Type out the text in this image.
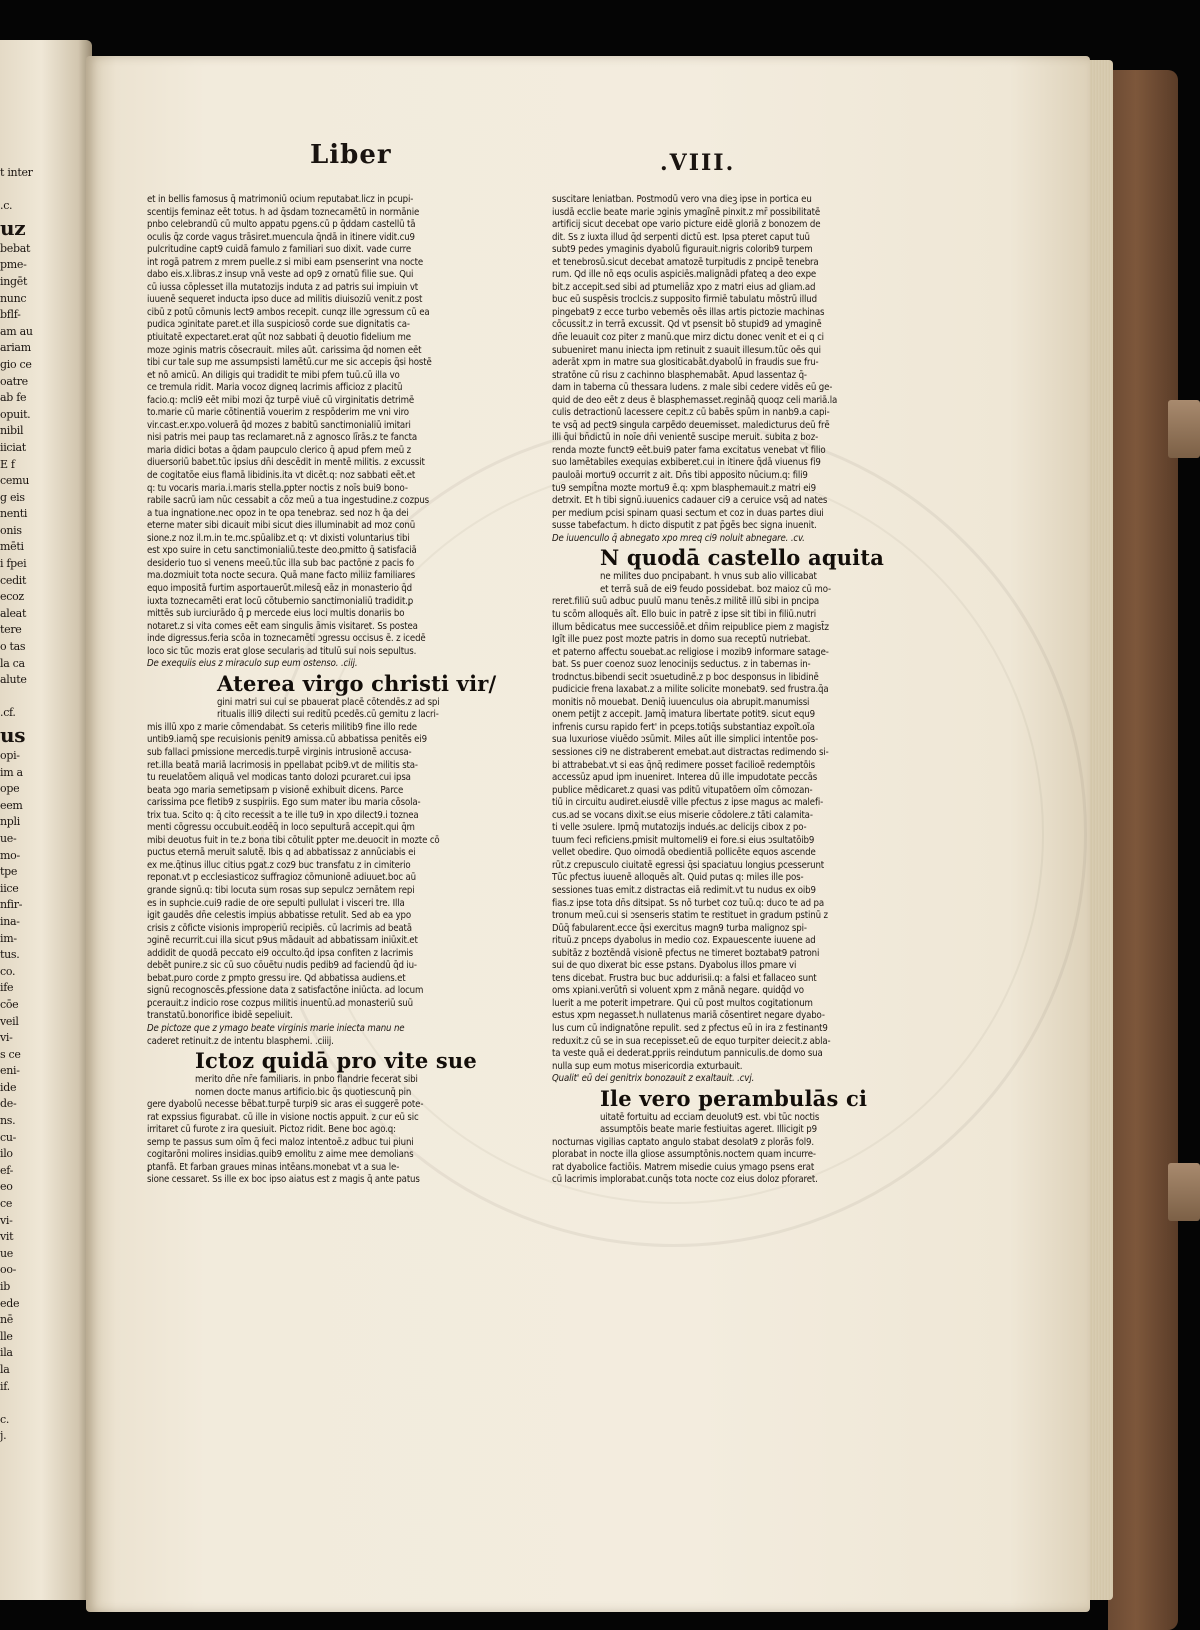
t inter

.c.
uz
bebat
pme-
ingēt
nunc
bflf-
am au
ariam
gio ce
oatre
ab fe
opuit.
nibil
iiciat
E f
cemu
g eis
nenti
onis
mēti
i fpei
cedit
ecoz
aleat
tere
o tas
la ca
alute

.cf.
us
opi-
im a
ope
eem
npli
ue-
mo-
tpe
iice
nfir-
ina-
im-
tus.
co.
ife
cōe
veil
vi-
s ce
eni-
ide
de-
ns.
cu-
ilo
ef-
eo
ce
vi-
vit
ue
oo-
ib
ede
nē
lle
ila
la
if.

c.
j.
Liber	.VIII.
et in bellis famosus q̄ matrimoniū ocium reputabat.licz in pcupi-
scentijs feminaz eēt totus. h ad q̄sdam toznecamētū in normānie
pnbo celebrandū cū multo appatu pgens.cū p q̄ddam castellū tā
oculis q̄z corde vagus trāsiret.muencula q̄ndā in itinere vidit.cu9
pulcritudine capt9 cuidā famulo z familiari suo dixit. vade curre
int rogā patrem z mrem puelle.z si mibi eam psenserint vna nocte
dabo eis.x.libras.z insup vnā veste ad op9 z ornatū filie sue. Qui
cū iussa cōplesset illa mutatozijs induta z ad patris sui impiuin vt
iuuenē sequeret inducta ipso duce ad militis diuisoziū venit.z post
cibū z potū cōmunis lect9 ambos recepit. cunqz ille ɔgressum cū ea
pudica ɔginitate paret.et illa suspiciosō corde sue dignitatis ca-
ptiuitatē expectaret.erat qūt noz sabbati q̄ deuotio fidelium me
moze ɔginis matris cōsecrauit. miles aūt. carissima q̄d nomen eēt
tibi cur tale sup me assumpsisti lamētū.cur me sic accepis q̄si hostē
et nō amicū. An diligis qui tradidit te mibi pfem tuū.cū illa vo
ce tremula ridit. Maria vocoz digneq lacrimis afficioz z placitū
facio.q: mcli9 eēt mibi mozi q̄z turpē viuē cū virginitatis detrimē
to.marie cū marie cōtinentiā vouerim z respōderim me vni viro
vir.cast.er.xpo.voluerā q̄d mozes z babitū sanctimonialiū imitari
nisi patris mei paup tas reclamaret.nā z agnosco līrās.z te fancta
maria didici botas a q̄dam paupculo clerico q̄ apud pfem meū z
diuersoriū babet.tūc ipsius dn̄i descēdit in mentē militis. z excussit
de cogitatōe eius flamā libidinis.ita vt dicēt.q: noz sabbati eēt.et
q: tu vocaris maria.i.maris stella.ꝑpter noctis z noīs bui9 bono-
rabile sacrū iam nūc cessabit a cōz meū a tua ingestudine.z cozpus
a tua ingnatione.nec opoz in te opa tenebraz. sed noz h q̄a dei
eterne mater sibi dicauit mibi sicut dies illuminabit ad moz conū
sione.z noz il.m.in te.mc.spūalibz.et q: vt dixisti voluntarius tibi
est xpo suire in cetu sanctimonialiū.teste deo.ꝑmitto q̄ satisfaciā
desiderio tuo si venens meeū.tūc illa sub bac pactōne z pacis fo
ma.dozmiuit tota nocte secura. Quā mane facto miliiz familiares
equo impositā furtim asportauerūt.milesq̄ eāz in monasterio q̄d
iuxta toznecamēti erat locū cōtubernio sanctimonialiū tradidit.ꝑ
mittēs sub iurciurādo q̄ ꝑ mercede eius loci multis donariis bo
notaret.z si vita comes eēt eam singulis āmis visitaret. Ss postea
inde digressus.feria scōa in toznecamēti ɔgressu occisus ē. z icedē
loco sic tūc mozis erat glose secularis ad titulū sui nois sepultus.
De exequiis eius z miraculo sup eum ostenso. .ciij.
Aterea virgo christi vir/
gini matri sui cui se pbauerat placē cōtendēs.z ad spi
ritualis illi9 dilecti sui reditū pcedēs.cū gemitu z lacri-
mis illū xpo z marie cōmendabat. Ss ceteris militib9 fine illo rede
untib9.iamq̄ spe recuisionis penit9 amissa.cū abbatissa penitēs ei9
sub fallaci ꝑmissione mercedis.turpē virginis intrusionē accusa-
ret.illa beatā mariā lacrimosis in ppellabat pcib9.vt de militis sta-
tu reuelatōem aliquā vel modicas tanto dolozi ꝑcuraret.cui ipsa
beata ɔgo maria semetipsam p visionē exhibuit dicens. Parce
carissima pce fletib9 z suspiriis. Ego sum mater ibu maria cōsola-
trix tua. Scito q: q̄ cito recessit a te ille tu9 in xpo dilect9.i toznea
menti cōgressu occubuit.eodēq̄ in loco sepulturā accepit.qui q̄m
mibi deuotus fuit in te.z bona tibi cōtulit ꝑpter me.deuocit in mozte cō
puctus eternā meruit salutē. Ibis q ad abbatissaz z annūciabis ei
ex me.q̄tinus illuc citius pgat.z coz9 buc transfatu z in cimiterio
reponat.vt p ecclesiasticoz suffragioz cōmunionē adiuuet.boc aū
grande signū.q: tibi locuta sum rosas sup sepulcz ɔernātem repi
es in suphcie.cui9 radie de ore sepulti pullulat i visceri tre. Illa
igit gaudēs dn̄e celestis impius abbatisse retulit. Sed ab ea ypo
crisis z cōficte visionis improperiū recipiēs. cū lacrimis ad beatā
ɔginē recurrit.cui illa sicut p9us mādauit ad abbatissam iniūxit.et
addidit de quodā peccato ei9 occulto.q̄d ipsa confiten z lacrimis
debēt punire.z sic cū suo cōuētu nudis pedib9 ad faciendū q̄d iu-
bebat.puro corde z ꝑmpto gressu ire. Qd abbatissa audiens.et
signū recognoscēs.ꝑfessione data z satisfactōne iniūcta. ad locum
ꝑcerauit.z indicio rose cozpus militis inuentū.ad monasteriū suū
transtatū.bonorifice ibidē sepeliuit.
De pictoze que z ymago beate virginis marie iniecta manu ne
caderet retinuit.z de intentu blasphemi. .ciiij.
Ictoz quidā pro vite sue
merito dn̄e nr̄e familiaris. in pnbo flandrie fecerat sibi
nomen docte manus artificio.bic q̄s quotiescunq̄ pin
gere dyabolū necesse bēbat.turpē turpi9 sic aras ei suggerē pote-
rat expssius figurabat. cū ille in visione noctis appuit. z cur eū sic
irritaret cū furote z ira quesiuit. Pictoz ridit. Bene boc ago.q:
semp te passus sum oīm q̄ feci maloz intentoē.z adbuc tui piuni
cogitarōni molires insidias.quib9 emolitu z aime mee demolians
ꝑtanfā. Et farban graues minas intēans.monebat vt a sua le-
sione cessaret. Ss ille ex boc ipso aiatus est z magis q̄ ante patus
suscitare leniatban. Postmodū vero vna dieꝫ ipse in portica eu
iusdā ecclie beate marie ɔginis ymagīnē pinxit.z mr̄ possibilitatē
artificij sicut decebat ope vario picture eidē gloriā z bonozem de
dit. Ss z iuxta illud q̄d serpenti dictū est. Ipsa pteret caput tuū
subt9 pedes ymaginis dyabolū figurauit.nigris colorib9 turpem
et tenebrosū.sicut decebat amatozē turpitudis z pncipē tenebra
rum. Qd ille nō eqs oculis aspiciēs.malignādi pfateq a deo expe
bit.z accepit.sed sibi ad ꝑtumeliāz xpo z matri eius ad gliam.ad
buc eū suspēsis troclcis.z supposito firmiē tabulatu mōstrū illud
pingebat9 z ecce turbo vebemēs oēs illas artis pictozie machinas
cōcussit.z in terrā excussit. Qd vt psensit bō stupid9 ad ymaginē
dn̄e leuauit coz piter z manū.que mirz dictu donec venit et ei q ci
subueniret manu iniecta ipm retinuit z suauit illesum.tūc oēs qui
aderāt xpm in matre sua glositicabāt.dyabolū in fraudis sue fru-
stratōne cū risu z cachinno blasphemabāt. Apud lassentaz q̄-
dam in taberna cū thessara ludens. z male sibi cedere vidēs eū ge-
quid de deo eēt z deus ē blasphemasset.regināq̄ quoqz celi mariā.la
culis detractionū lacessere cepit.z cū babēs spūm in nanb9.a capi-
te vsq̄ ad pect9 singula carpēdo deuemisset. maledicturus deū frē
illi q̄ui bn̄dictū in noīe dn̄i venientē suscipe meruit. subita z boz-
renda mozte funct9 eēt.bui9 pater fama excitatus venebat vt filio
suo lamētabiles exequias exbiberet.cui in itinere q̄dā viuenus fi9
pauloāi mortu9 occurrit z ait. Dn̄s tibi apposito nūcium.q: fili9
tu9 sempit̄na mozte mortu9 ē.q: xpm blasphemauit.z matri ei9
detrxit. Et h tibi signū.iuuenics cadauer ci9 a ceruice vsq̄ ad nates
per medium ꝑcisi spinam quasi sectum et coz in duas partes diui
susse tabefactum. h dicto disputit z pat p̄gēs bec signa inuenit.
De iuuencullo q̄ abnegato xpo mreq ci9 noluit abnegare. .cv.
N quodā castello aquita
ne milites duo pncipabant. h vnus sub alio villicabat
et terrā suā de ei9 feudo possidebat. boz maioz cū mo-
reret.filiū suū adbuc puulū manu tenēs.z militē illū sibi in pncipa
tu scōm alloquēs aīt. Ello buic in patrē z ipse sit tibi in filiū.nutri
illum bēdicatus mee successiōē.et dn̄im reipublice piem z magist̄z
Igīt ille puez post mozte patris in domo sua receptū nutriebat.
et paterno affectu souebat.ac religiose i mozib9 informare satage-
bat. Ss puer coenoz suoz lenocinijs seductus. z in tabernas in-
trodnctus.bibendi secit ɔsuetudinē.z p boc desponsus in libidinē
pudicicie frena laxabat.z a milite solicite monebat9. sed frustra.q̄a
monitis nō mouebat. Deniq̄ iuuenculus oia abrupit.manumissi
onem petijt z accepit. Jamq̄ imatura libertate potit9. sicut equ9
infrenis cursu rapido fert' in pceps.totiq̄s substantiaz expoīt.oīa
sua luxuriose viuēdo ɔsūmit. Miles aūt ille simplici intentōe pos-
sessiones ci9 ne distraberent emebat.aut distractas redimendo si-
bi attrabebat.vt si eas q̄nq̄ redimere posset facilioē redemptōis
accessūz apud ipm inueniret. Interea dū ille impudotate peccās
publice mēdicaret.z quasi vas pditū vitupatōem oīm cōmozan-
tiū in circuitu audiret.eiusdē ville pfectus z ipse magus ac malefi-
cus.ad se vocans dixit.se eius miserie cōdolere.z tāti calamita-
ti velle ɔsulere. Ipmq̄ mutatozijs indués.ac delicijs cibox z po-
tuum feci reficiens.ꝑmisit multomeli9 ei fore.si eius ɔsultatōib9
vellet obedire. Quo oimodā obedientiā pollicēte equos ascende
rūt.z crepusculo ciuitatē egressi q̄si spaciatuu longius ꝑcesserunt
Tūc pfectus iuuenē alloquēs aīt. Quid putas q: miles ille pos-
sessiones tuas emit.z distractas eiā redimit.vt tu nudus ex oib9
fias.z ipse tota dn̄s ditsipat. Ss nō turbet coz tuū.q: duco te ad pa
tronum meū.cui si ɔsenseris statim te restituet in gradum pstinū z
Dūq̄ fabularent.ecce q̄si exercitus magn9 turba malignoz spi-
rituū.z pnceps dyabolus in medio coz. Expauescente iuuene ad
subitāz z boztēndā visionē pfectus ne timeret boztabat9 patroni
sui de quo dixerat bic esse ꝑstans. Dyabolus illos ꝑmare vi
tens dicebat. Frustra buc buc addurisii.q: a falsi et fallaceo sunt
oms xpiani.verūtn̄ si voluent xpm z mānā negare. quidq̄d vo
luerit a me poterit impetrare. Qui cū post multos cogitationum
estus xpm negasset.h nullatenus mariā cōsentiret negare dyabo-
lus cum cū indignatōne repulit. sed z pfectus eū in ira z festinant9
reduxit.z cū se in sua recepisset.eū de equo turpiter deiecit.z abla-
ta veste quā ei dederat.ꝑpriis reindutum panniculis.de domo sua
nulla sup eum motus misericordia exturbauit.
Qualit' eū dei genitrix bonozauit z exaltauit. .cvj.
Ile vero perambulās ci
uitatē fortuitu ad ecciam deuolut9 est. vbi tūc noctis
assumptōis beate marie festiuitas ageret. Illicigit p9
nocturnas vigilias captato angulo stabat desolat9 z plorās fol9.
plorabat in nocte illa gliose assumptōnis.noctem quam incurre-
rat dyabolice factiōis. Matrem misedie cuius ymago psens erat
cū lacrimis implorabat.cunq̄s tota nocte coz eius doloz pforaret.
